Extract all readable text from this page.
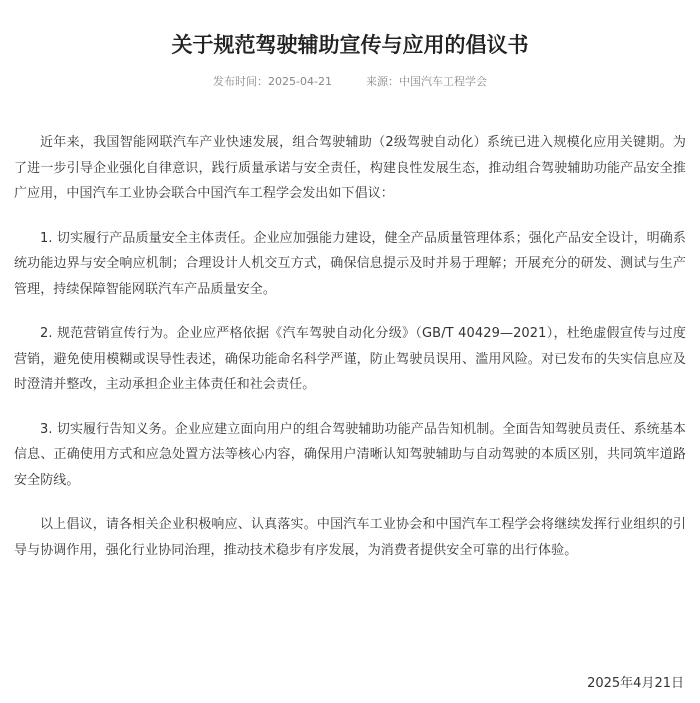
关于规范驾驶辅助宣传与应用的倡议书
发布时间：2025-04-21	来源：中国汽车工程学会

近年来，我国智能网联汽车产业快速发展，组合驾驶辅助（2级驾驶自动化）系统已进入规模化应用关键期。为了进一步引导企业强化自律意识，践行质量承诺与安全责任，构建良性发展生态，推动组合驾驶辅助功能产品安全推广应用，中国汽车工业协会联合中国汽车工程学会发出如下倡议：

1. 切实履行产品质量安全主体责任。企业应加强能力建设，健全产品质量管理体系；强化产品安全设计，明确系统功能边界与安全响应机制；合理设计人机交互方式，确保信息提示及时并易于理解；开展充分的研发、测试与生产管理，持续保障智能网联汽车产品质量安全。

2. 规范营销宣传行为。企业应严格依据《汽车驾驶自动化分级》（GB/T 40429—2021），杜绝虚假宣传与过度营销，避免使用模糊或误导性表述，确保功能命名科学严谨，防止驾驶员误用、滥用风险。对已发布的失实信息应及时澄清并整改，主动承担企业主体责任和社会责任。

3. 切实履行告知义务。企业应建立面向用户的组合驾驶辅助功能产品告知机制。全面告知驾驶员责任、系统基本信息、正确使用方式和应急处置方法等核心内容，确保用户清晰认知驾驶辅助与自动驾驶的本质区别，共同筑牢道路安全防线。

以上倡议，请各相关企业积极响应、认真落实。中国汽车工业协会和中国汽车工程学会将继续发挥行业组织的引导与协调作用，强化行业协同治理，推动技术稳步有序发展，为消费者提供安全可靠的出行体验。

2025年4月21日
